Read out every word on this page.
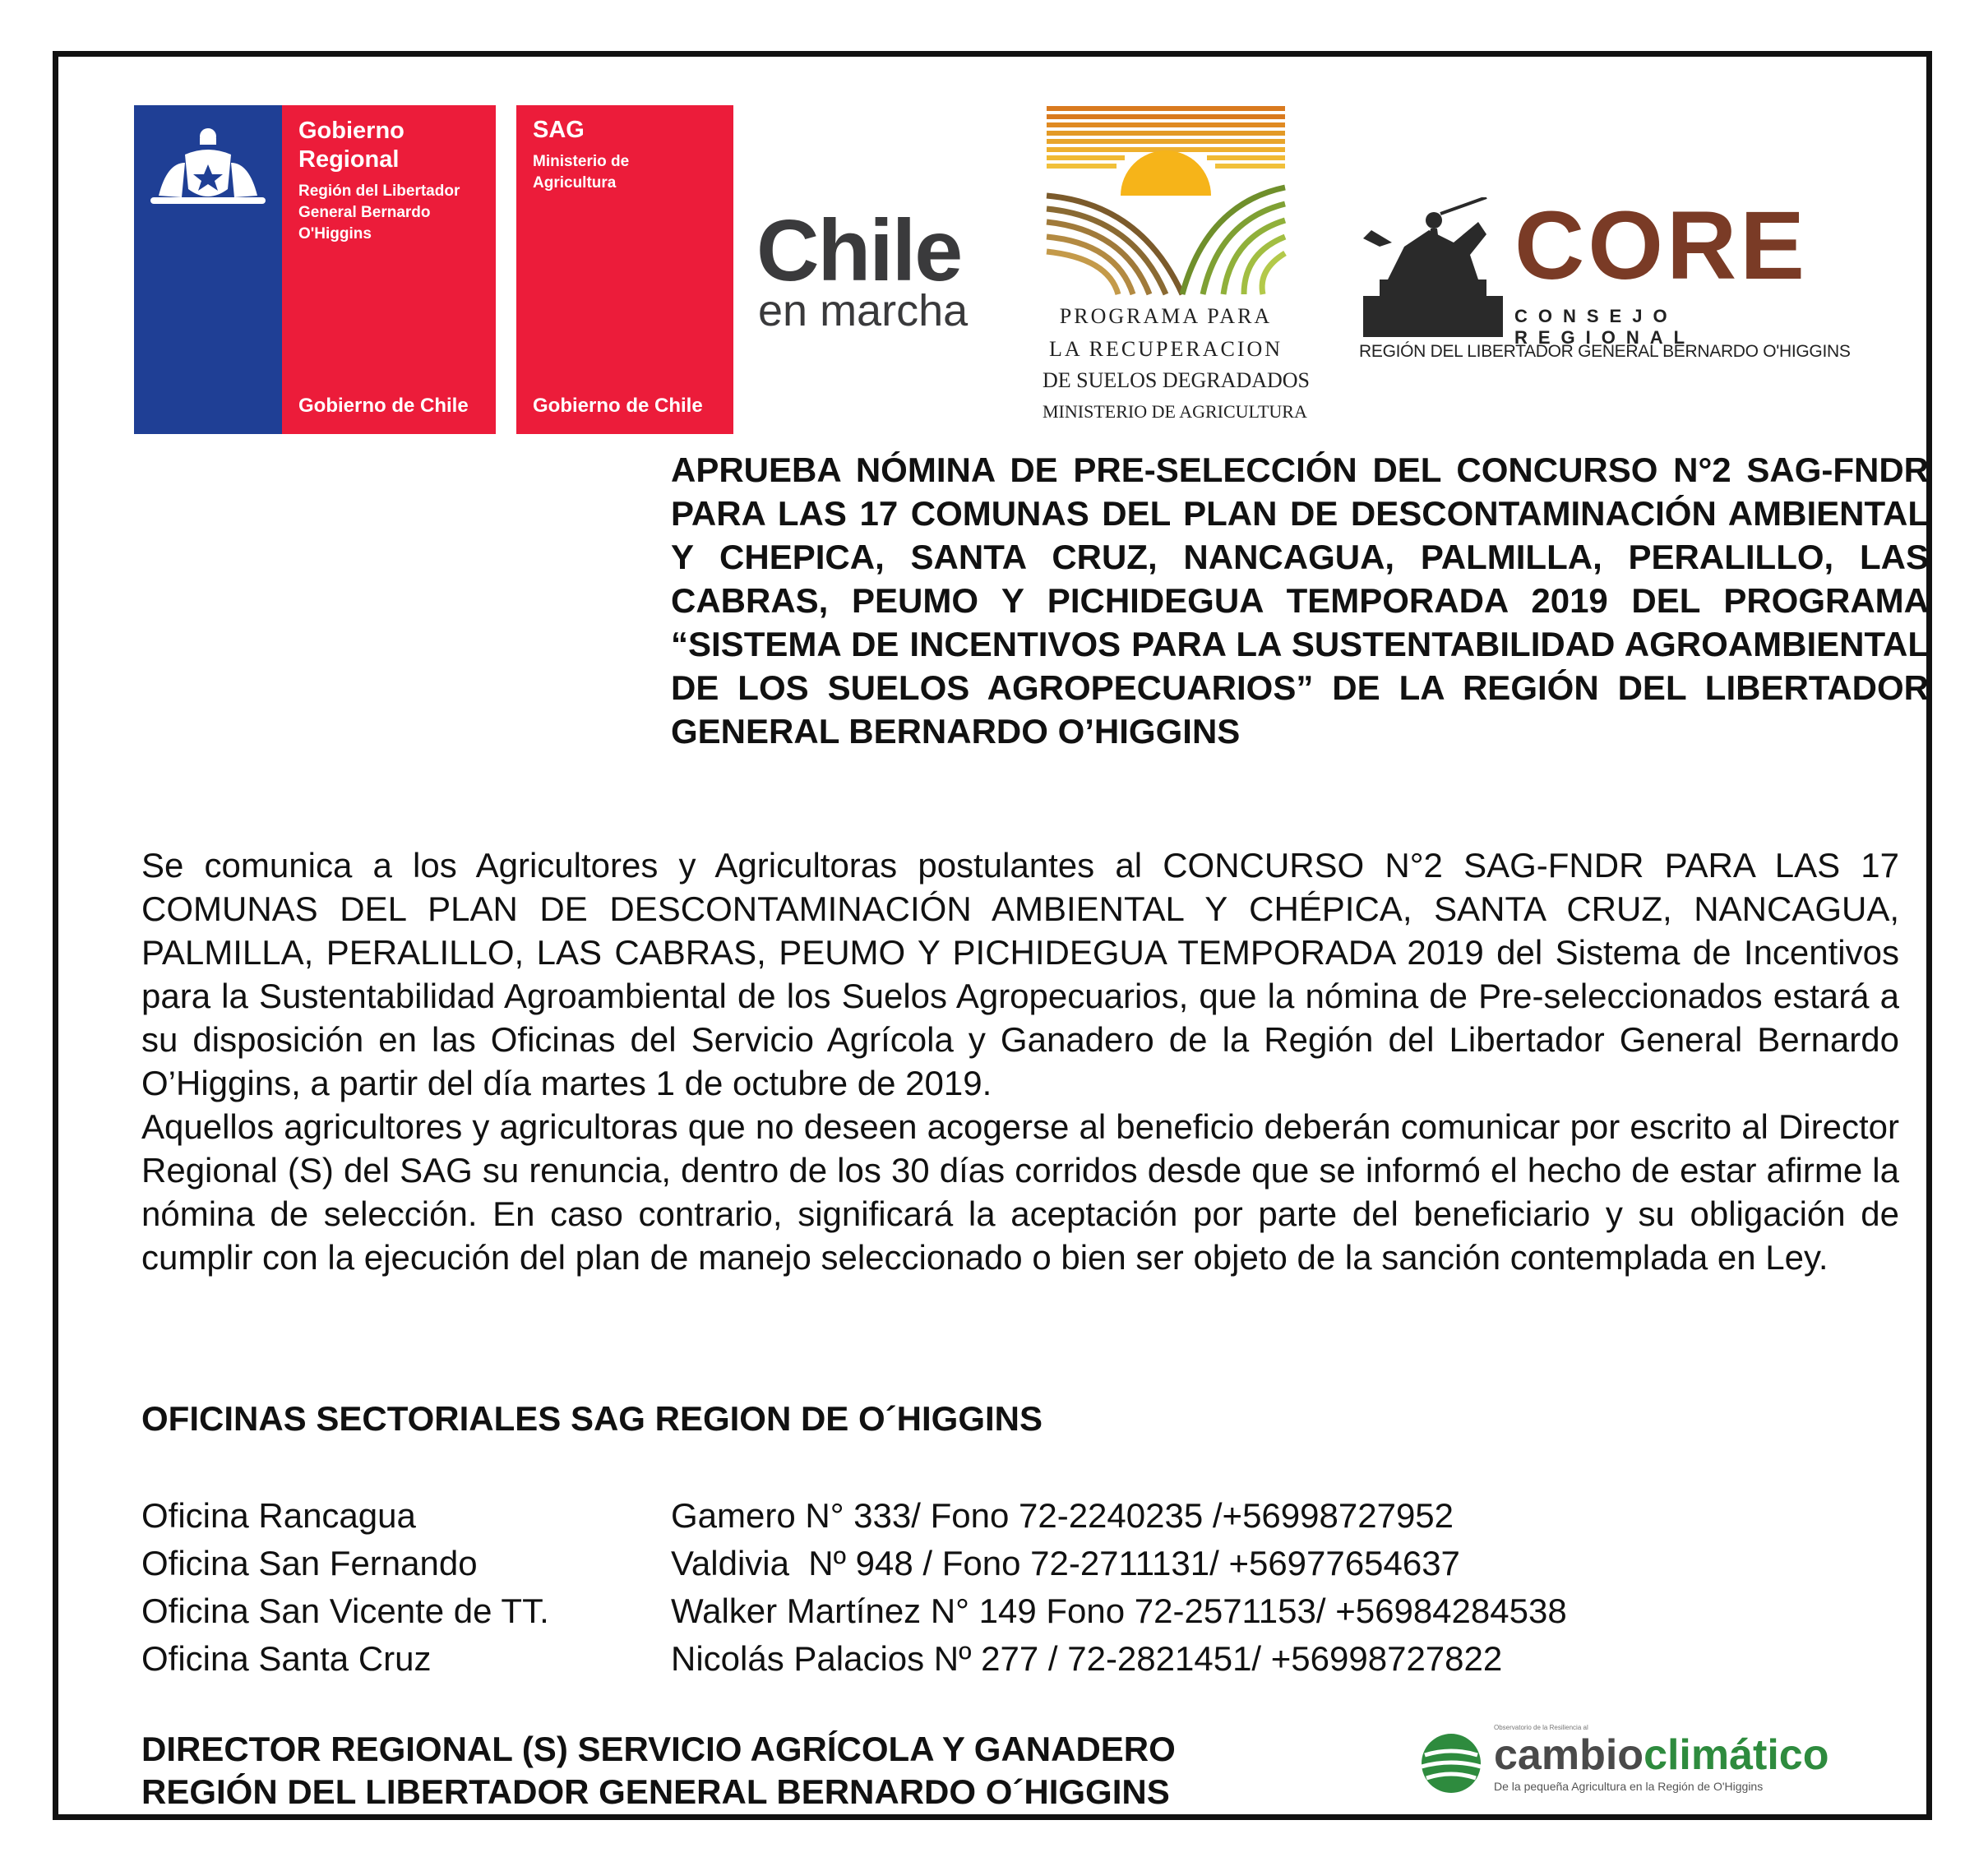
Gobierno
Regional
Región del Libertador
General Bernardo
O'Higgins
Gobierno de Chile
SAG
Ministerio de
Agricultura
Gobierno de Chile
Chile
en marcha	PROGRAMA PARA
LA RECUPERACION
DE SUELOS DEGRADADOS
MINISTERIO DE AGRICULTURA
CORE
CONSEJO REGIONAL
REGIÓN DEL LIBERTADOR GENERAL BERNARDO O'HIGGINS

APRUEBA NÓMINA DE PRE-SELECCIÓN DEL CONCURSO N°2 SAG-FNDR PARA LAS 17 COMUNAS DEL PLAN DE DESCONTAMINACIÓN AMBIENTAL Y CHEPICA, SANTA CRUZ, NANCAGUA, PALMILLA, PERALILLO, LAS CABRAS, PEUMO Y PICHIDEGUA TEMPORADA 2019 DEL PROGRAMA “SISTEMA DE INCENTIVOS PARA LA SUSTENTABILIDAD AGROAMBIENTAL DE LOS SUELOS AGROPECUARIOS” DE LA REGIÓN DEL LIBERTADOR GENERAL BERNARDO O’HIGGINS

Se comunica a los Agricultores y Agricultoras postulantes al CONCURSO N°2 SAG-FNDR PARA LAS 17 COMUNAS DEL PLAN DE DESCONTAMINACIÓN AMBIENTAL Y CHÉPICA, SANTA CRUZ, NANCAGUA, PALMILLA, PERALILLO, LAS CABRAS, PEUMO Y PICHIDEGUA TEMPORADA 2019 del Sistema de Incentivos para la Sustentabilidad Agroambiental de los Suelos Agropecuarios, que la nómina de Pre-seleccionados estará a su disposición en las Oficinas del Servicio Agrícola y Ganadero de la Región del Libertador General Bernardo O’Higgins, a partir del día martes 1 de octubre de 2019.

Aquellos agricultores y agricultoras que no deseen acogerse al beneficio deberán comunicar por escrito al Director Regional (S) del SAG su renuncia, dentro de los 30 días corridos desde que se informó el hecho de estar afirme la nómina de selección. En caso contrario, significará la aceptación por parte del beneficiario y su obligación de cumplir con la ejecución del plan de manejo seleccionado o bien ser objeto de la sanción contemplada en Ley.

OFICINAS SECTORIALES SAG REGION DE O´HIGGINS

Oficina Rancagua	Gamero N° 333/ Fono 72-2240235 /+56998727952
Oficina San Fernando	Valdivia  Nº 948 / Fono 72-2711131/ +56977654637
Oficina San Vicente de TT.	Walker Martínez N° 149 Fono 72-2571153/ +56984284538
Oficina Santa Cruz	Nicolás Palacios Nº 277 / 72-2821451/ +56998727822

DIRECTOR REGIONAL (S) SERVICIO AGRÍCOLA Y GANADERO
REGIÓN DEL LIBERTADOR GENERAL BERNARDO O´HIGGINS

Observatorio de la Resiliencia al
cambioclimático
De la pequeña Agricultura en la Región de O'Higgins
